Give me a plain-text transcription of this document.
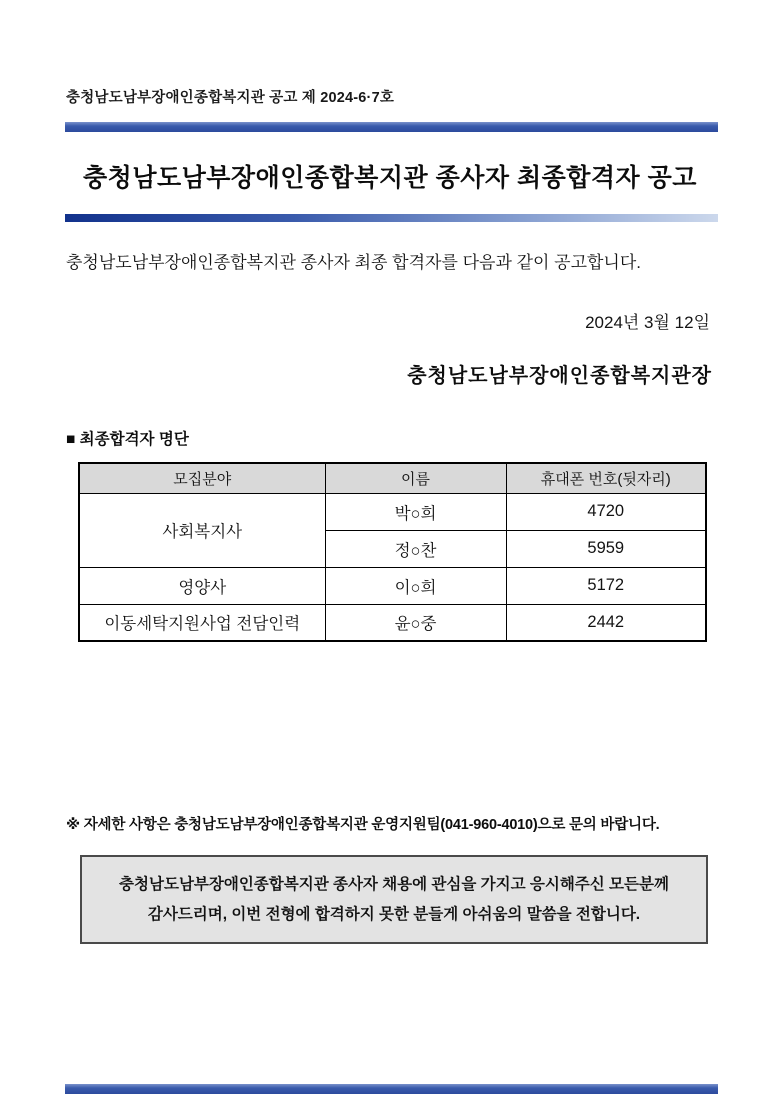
충청남도남부장애인종합복지관 공고 제 2024-6·7호
충청남도남부장애인종합복지관 종사자 최종합격자 공고
충청남도남부장애인종합복지관 종사자 최종 합격자를 다음과 같이 공고합니다.
2024년 3월 12일
충청남도남부장애인종합복지관장
■ 최종합격자 명단
모집분야	이름	휴대폰 번호(뒷자리)
사회복지사	박○희	4720
	정○찬	5959
영양사	이○희	5172
이동세탁지원사업 전담인력	윤○중	2442
※ 자세한 사항은 충청남도남부장애인종합복지관 운영지원팀(041-960-4010)으로 문의 바랍니다.
충청남도남부장애인종합복지관 종사자 채용에 관심을 가지고 응시해주신 모든분께
감사드리며, 이번 전형에 합격하지 못한 분들게 아쉬움의 말씀을 전합니다.
